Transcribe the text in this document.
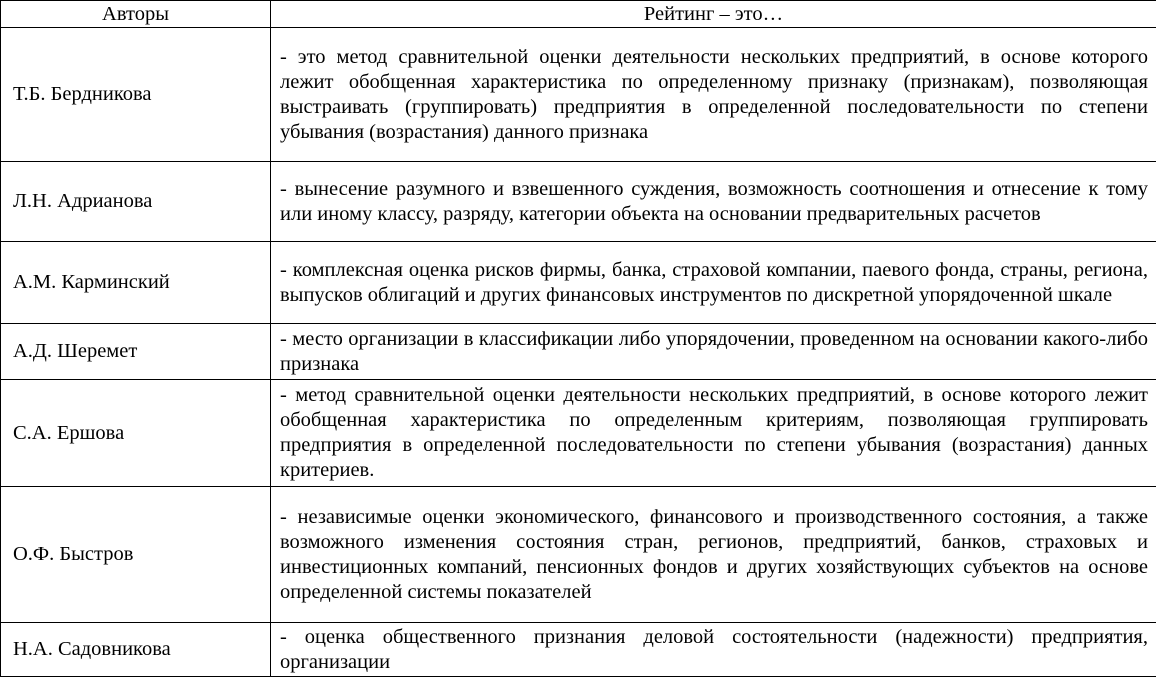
Авторы	Рейтинг – это…
Т.Б. Бердникова	- это метод сравнительной оценки деятельности нескольких предприятий, в основе которого лежит обобщенная характеристика по определенному признаку (признакам), позволяющая выстраивать (группировать) предприятия в определенной последовательности по степени убывания (возрастания) данного признака
Л.Н. Адрианова	- вынесение разумного и взвешенного суждения, возможность соотношения и отнесение к тому или иному классу, разряду, категории объекта на основании предварительных расчетов
А.М. Карминский	- комплексная оценка рисков фирмы, банка, страховой компании, паевого фонда, страны, региона, выпусков облигаций и других финансовых инструментов по дискретной упорядоченной шкале
А.Д. Шеремет	- место организации в классификации либо упорядочении, проведенном на основании какого-либо признака
С.А. Ершова	- метод сравнительной оценки деятельности нескольких предприятий, в основе которого лежит обобщенная характеристика по определенным критериям, позволяющая группировать предприятия в определенной последовательности по степени убывания (возрастания) данных критериев.
О.Ф. Быстров	- независимые оценки экономического, финансового и производственного состояния, а также возможного изменения состояния стран, регионов, предприятий, банков, страховых и инвестиционных компаний, пенсионных фондов и других хозяйствующих субъектов на основе определенной системы показателей
Н.А. Садовникова	- оценка общественного признания деловой состоятельности (надежности) предприятия, организации
